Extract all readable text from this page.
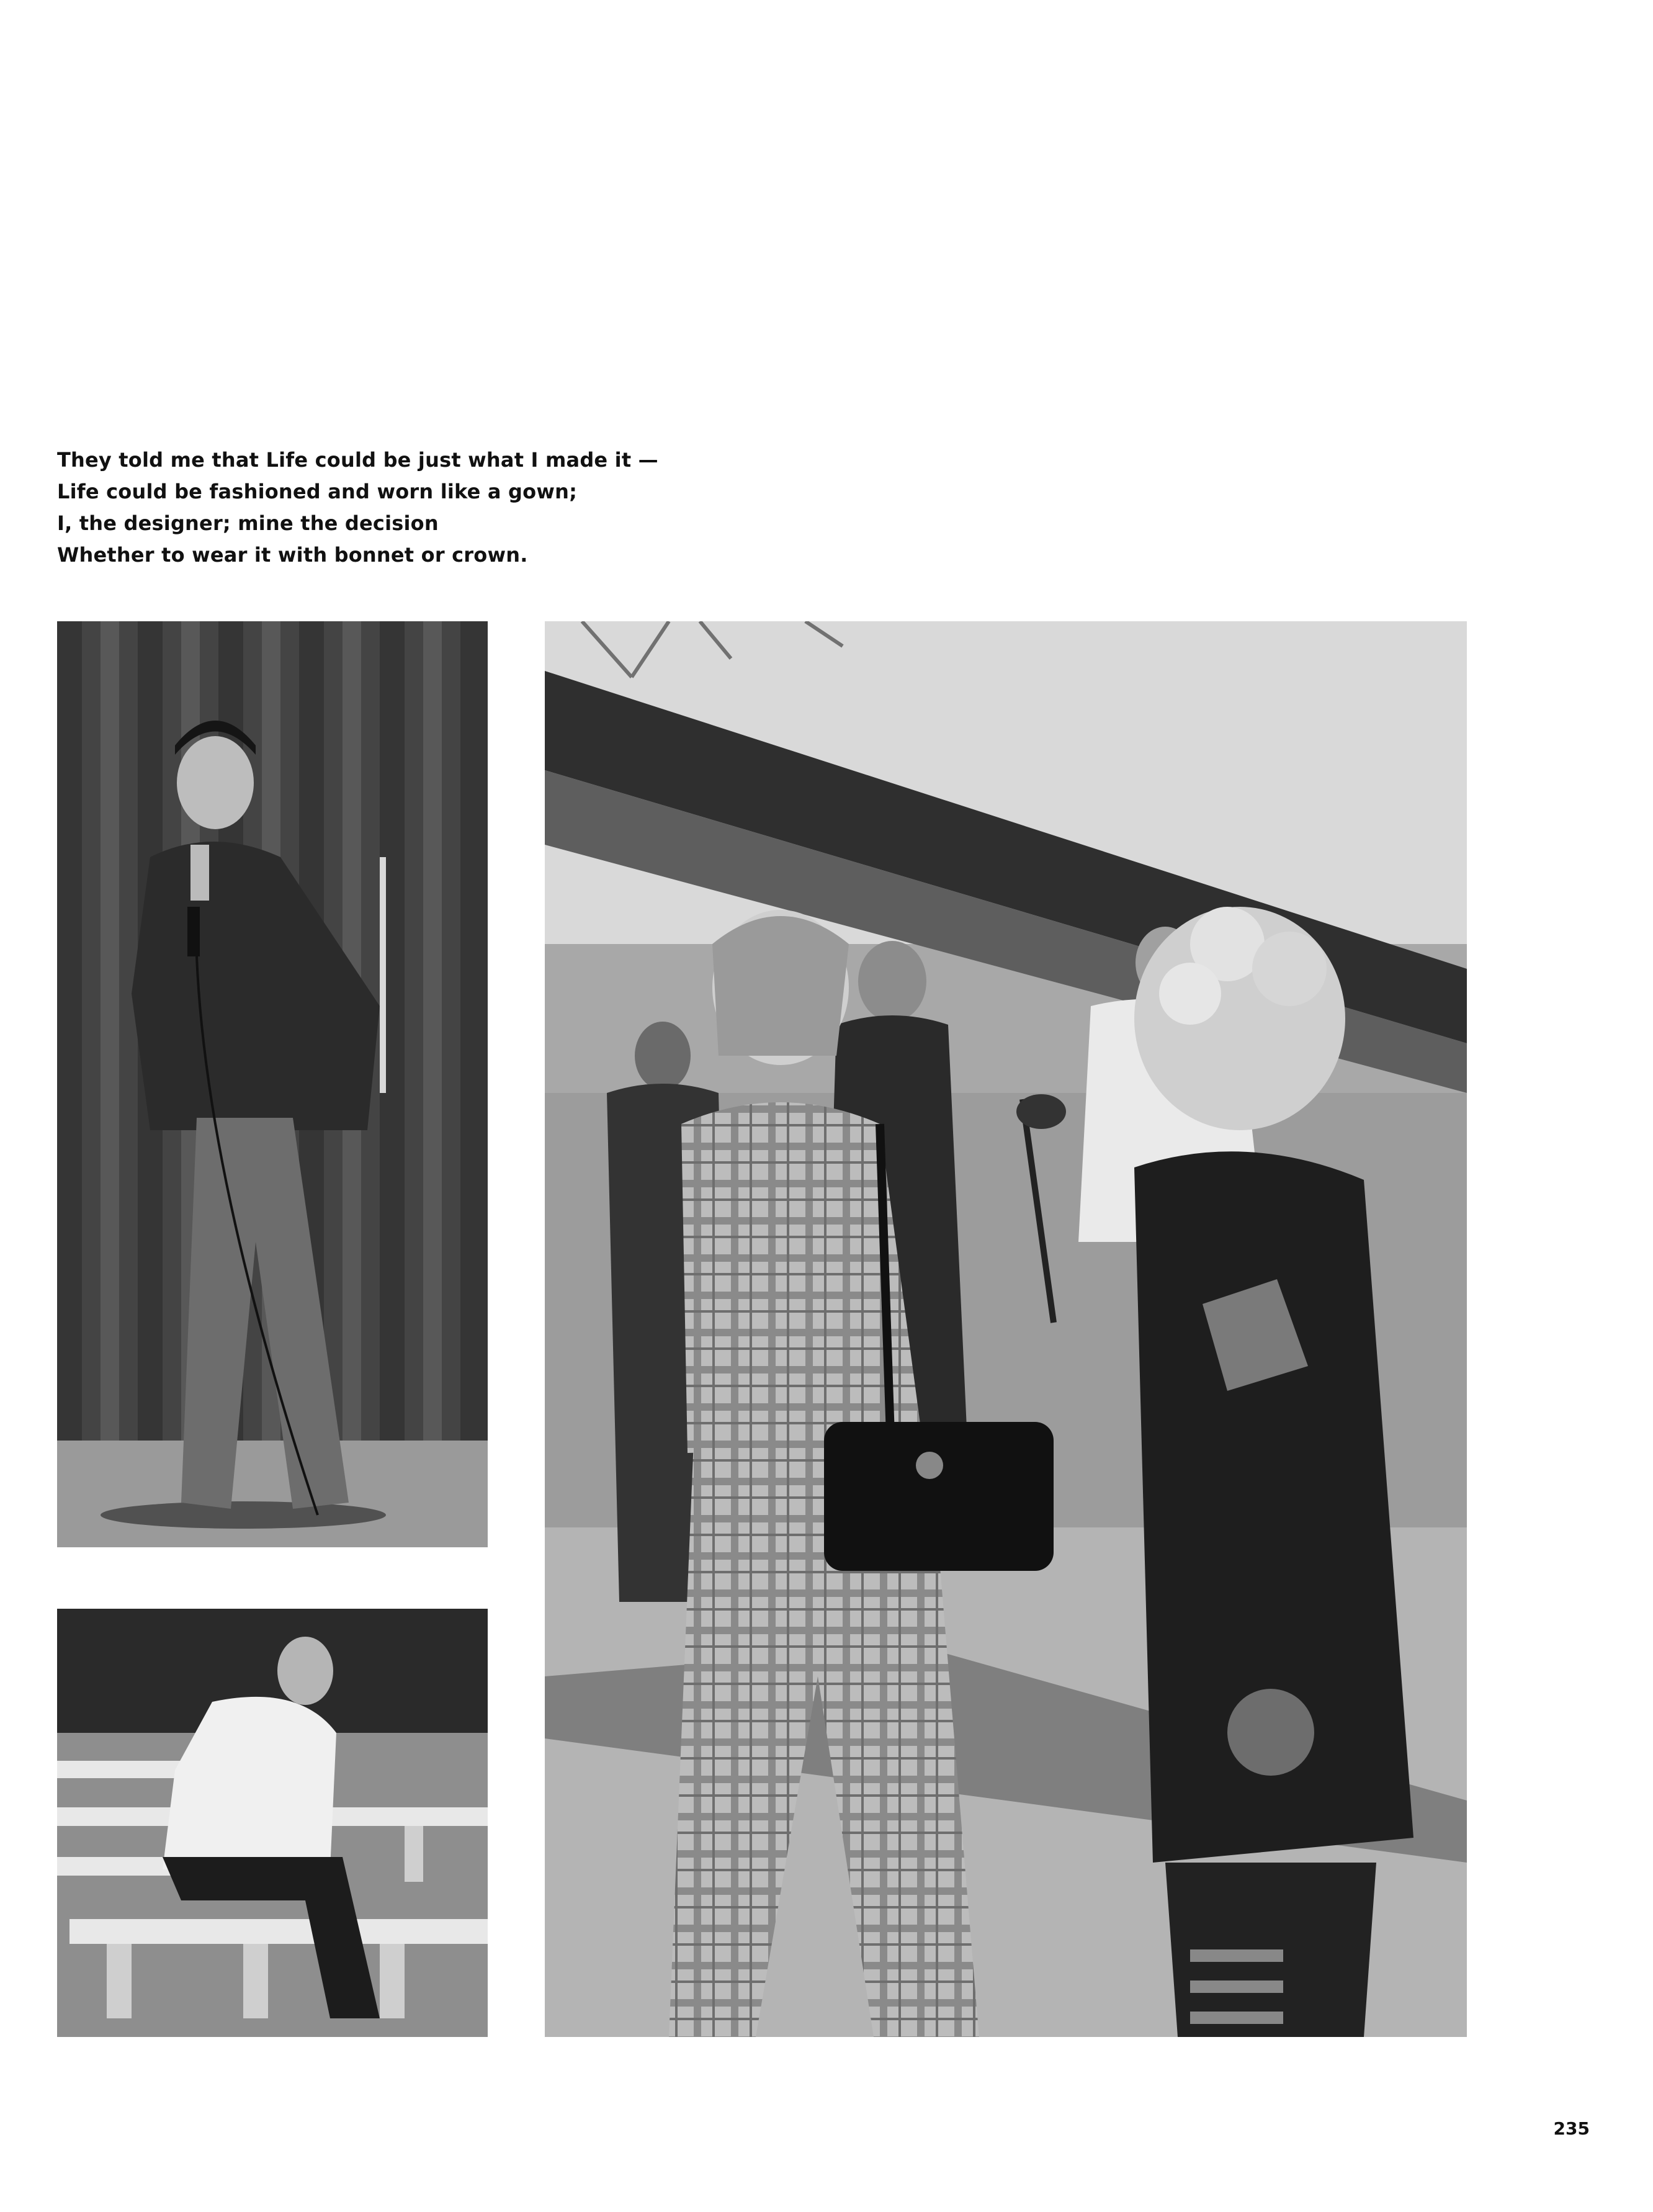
They told me that Life could be just what I made it —
Life could be fashioned and worn like a gown;
I, the designer; mine the decision
Whether to wear it with bonnet or crown.
235
